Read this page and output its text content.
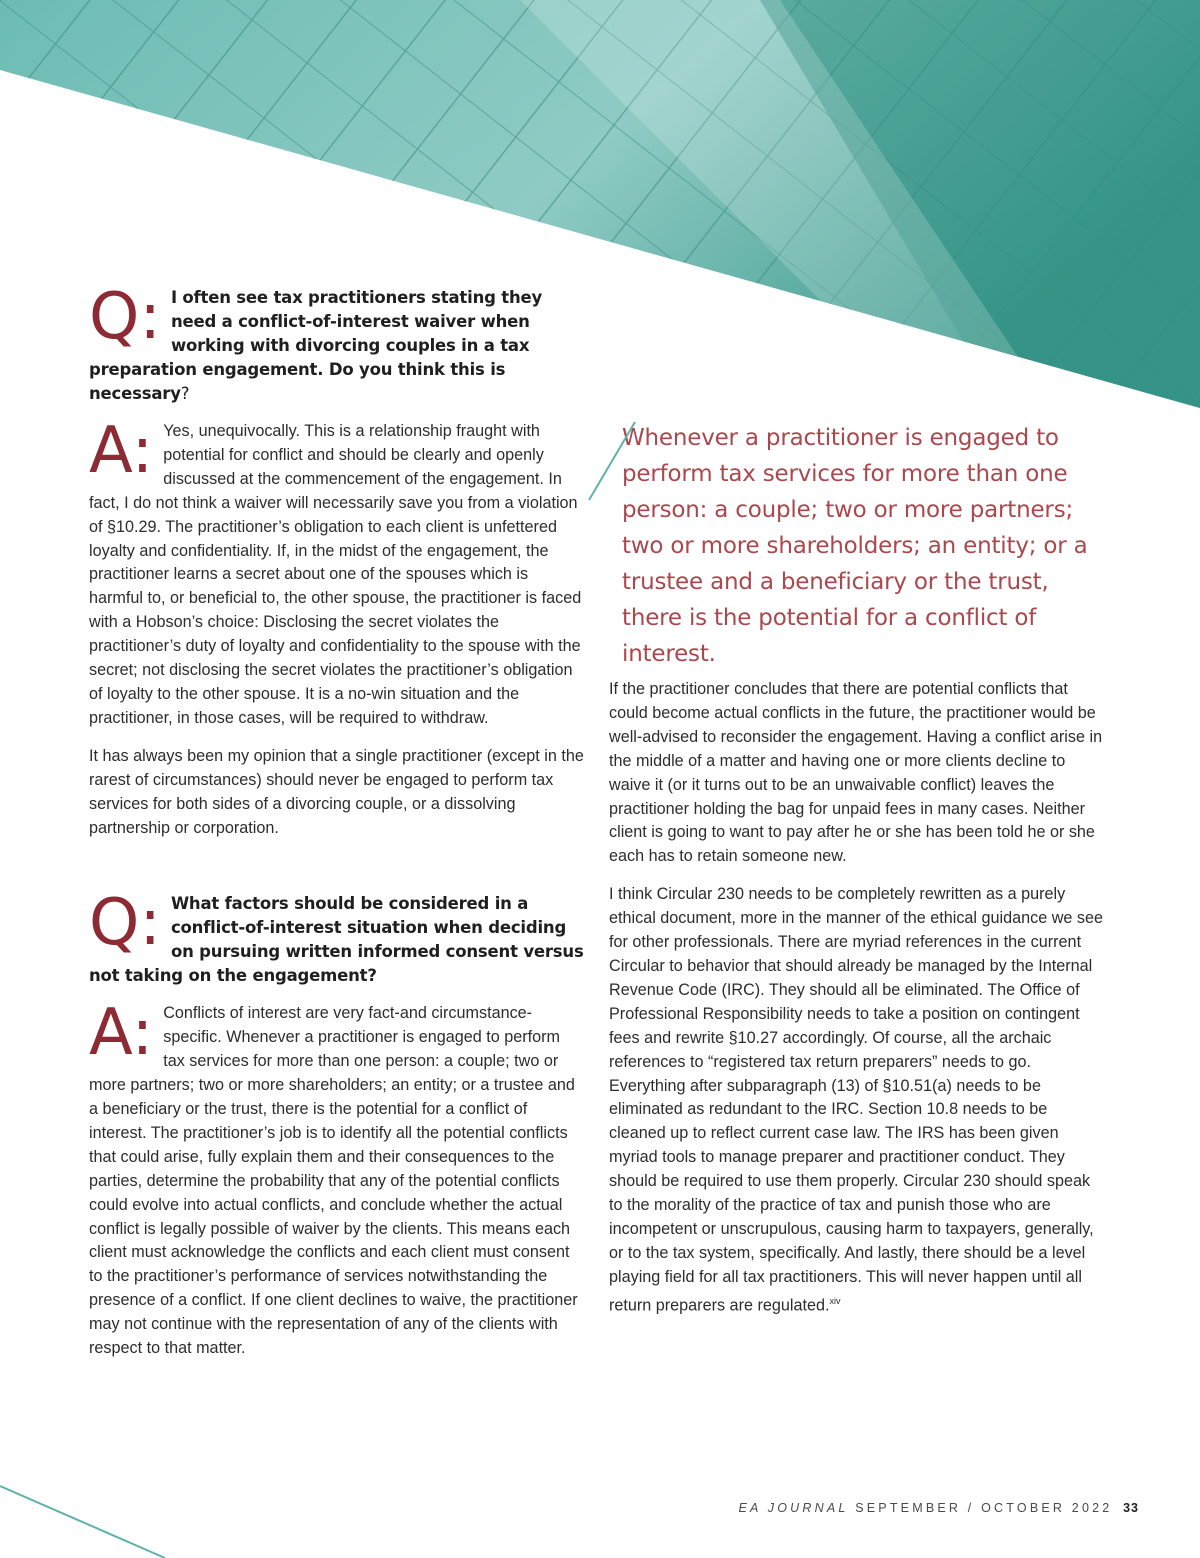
Q: I often see tax practitioners stating they need a conflict-of-interest waiver when working with divorcing couples in a tax preparation engagement. Do you think this is necessary?

A: Yes, unequivocally. This is a relationship fraught with potential for conflict and should be clearly and openly discussed at the commencement of the engagement. In fact, I do not think a waiver will necessarily save you from a violation of §10.29. The practitioner’s obligation to each client is unfettered loyalty and confidentiality. If, in the midst of the engagement, the practitioner learns a secret about one of the spouses which is harmful to, or beneficial to, the other spouse, the practitioner is faced with a Hobson’s choice: Disclosing the secret violates the practitioner’s duty of loyalty and confidentiality to the spouse with the secret; not disclosing the secret violates the practitioner’s obligation of loyalty to the other spouse. It is a no-win situation and the practitioner, in those cases, will be required to withdraw.

It has always been my opinion that a single practitioner (except in the rarest of circumstances) should never be engaged to perform tax services for both sides of a divorcing couple, or a dissolving partnership or corporation.

Q: What factors should be considered in a conflict-of-interest situation when deciding on pursuing written informed consent versus not taking on the engagement?

A: Conflicts of interest are very fact-and circumstance-specific. Whenever a practitioner is engaged to perform tax services for more than one person: a couple; two or more partners; two or more shareholders; an entity; or a trustee and a beneficiary or the trust, there is the potential for a conflict of interest. The practitioner’s job is to identify all the potential conflicts that could arise, fully explain them and their consequences to the parties, determine the probability that any of the potential conflicts could evolve into actual conflicts, and conclude whether the actual conflict is legally possible of waiver by the clients. This means each client must acknowledge the conflicts and each client must consent to the practitioner’s performance of services notwithstanding the presence of a conflict. If one client declines to waive, the practitioner may not continue with the representation of any of the clients with respect to that matter.

Whenever a practitioner is engaged to perform tax services for more than one person: a couple; two or more partners; two or more shareholders; an entity; or a trustee and a beneficiary or the trust, there is the potential for a conflict of interest.

If the practitioner concludes that there are potential conflicts that could become actual conflicts in the future, the practitioner would be well-advised to reconsider the engagement. Having a conflict arise in the middle of a matter and having one or more clients decline to waive it (or it turns out to be an unwaivable conflict) leaves the practitioner holding the bag for unpaid fees in many cases. Neither client is going to want to pay after he or she has been told he or she each has to retain someone new.

I think Circular 230 needs to be completely rewritten as a purely ethical document, more in the manner of the ethical guidance we see for other professionals. There are myriad references in the current Circular to behavior that should already be managed by the Internal Revenue Code (IRC). They should all be eliminated. The Office of Professional Responsibility needs to take a position on contingent fees and rewrite §10.27 accordingly. Of course, all the archaic references to “registered tax return preparers” needs to go. Everything after subparagraph (13) of §10.51(a) needs to be eliminated as redundant to the IRC. Section 10.8 needs to be cleaned up to reflect current case law. The IRS has been given myriad tools to manage preparer and practitioner conduct. They should be required to use them properly. Circular 230 should speak to the morality of the practice of tax and punish those who are incompetent or unscrupulous, causing harm to taxpayers, generally, or to the tax system, specifically. And lastly, there should be a level playing field for all tax practitioners. This will never happen until all return preparers are regulated.$^{xiv}$

EA JOURNAL SEPTEMBER / OCTOBER 2022 33
